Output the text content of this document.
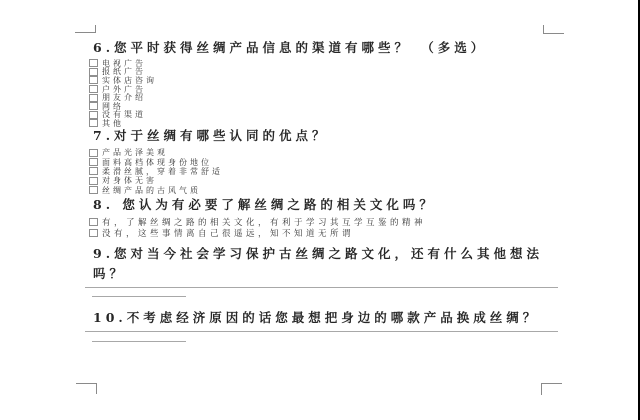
6.您平时获得丝绸产品信息的渠道有哪些？　（多选）
电视广告
报纸广告
实体店咨询
户外广告
朋友介绍
网络
没有渠道
其他
7.对于丝绸有哪些认同的优点？
产品光泽美观
面料高档体现身份地位
柔滑丝腻，穿着非常舒适
对身体无害
丝绸产品的古风气质
8. 您认为有必要了解丝绸之路的相关文化吗？
有，了解丝绸之路的相关文化，有利于学习其互学互鉴的精神
没有，这些事情离自己很遥远，知不知道无所谓
9.您对当今社会学习保护古丝绸之路文化，还有什么其他想法吗？
10.不考虑经济原因的话您最想把身边的哪款产品换成丝绸？
